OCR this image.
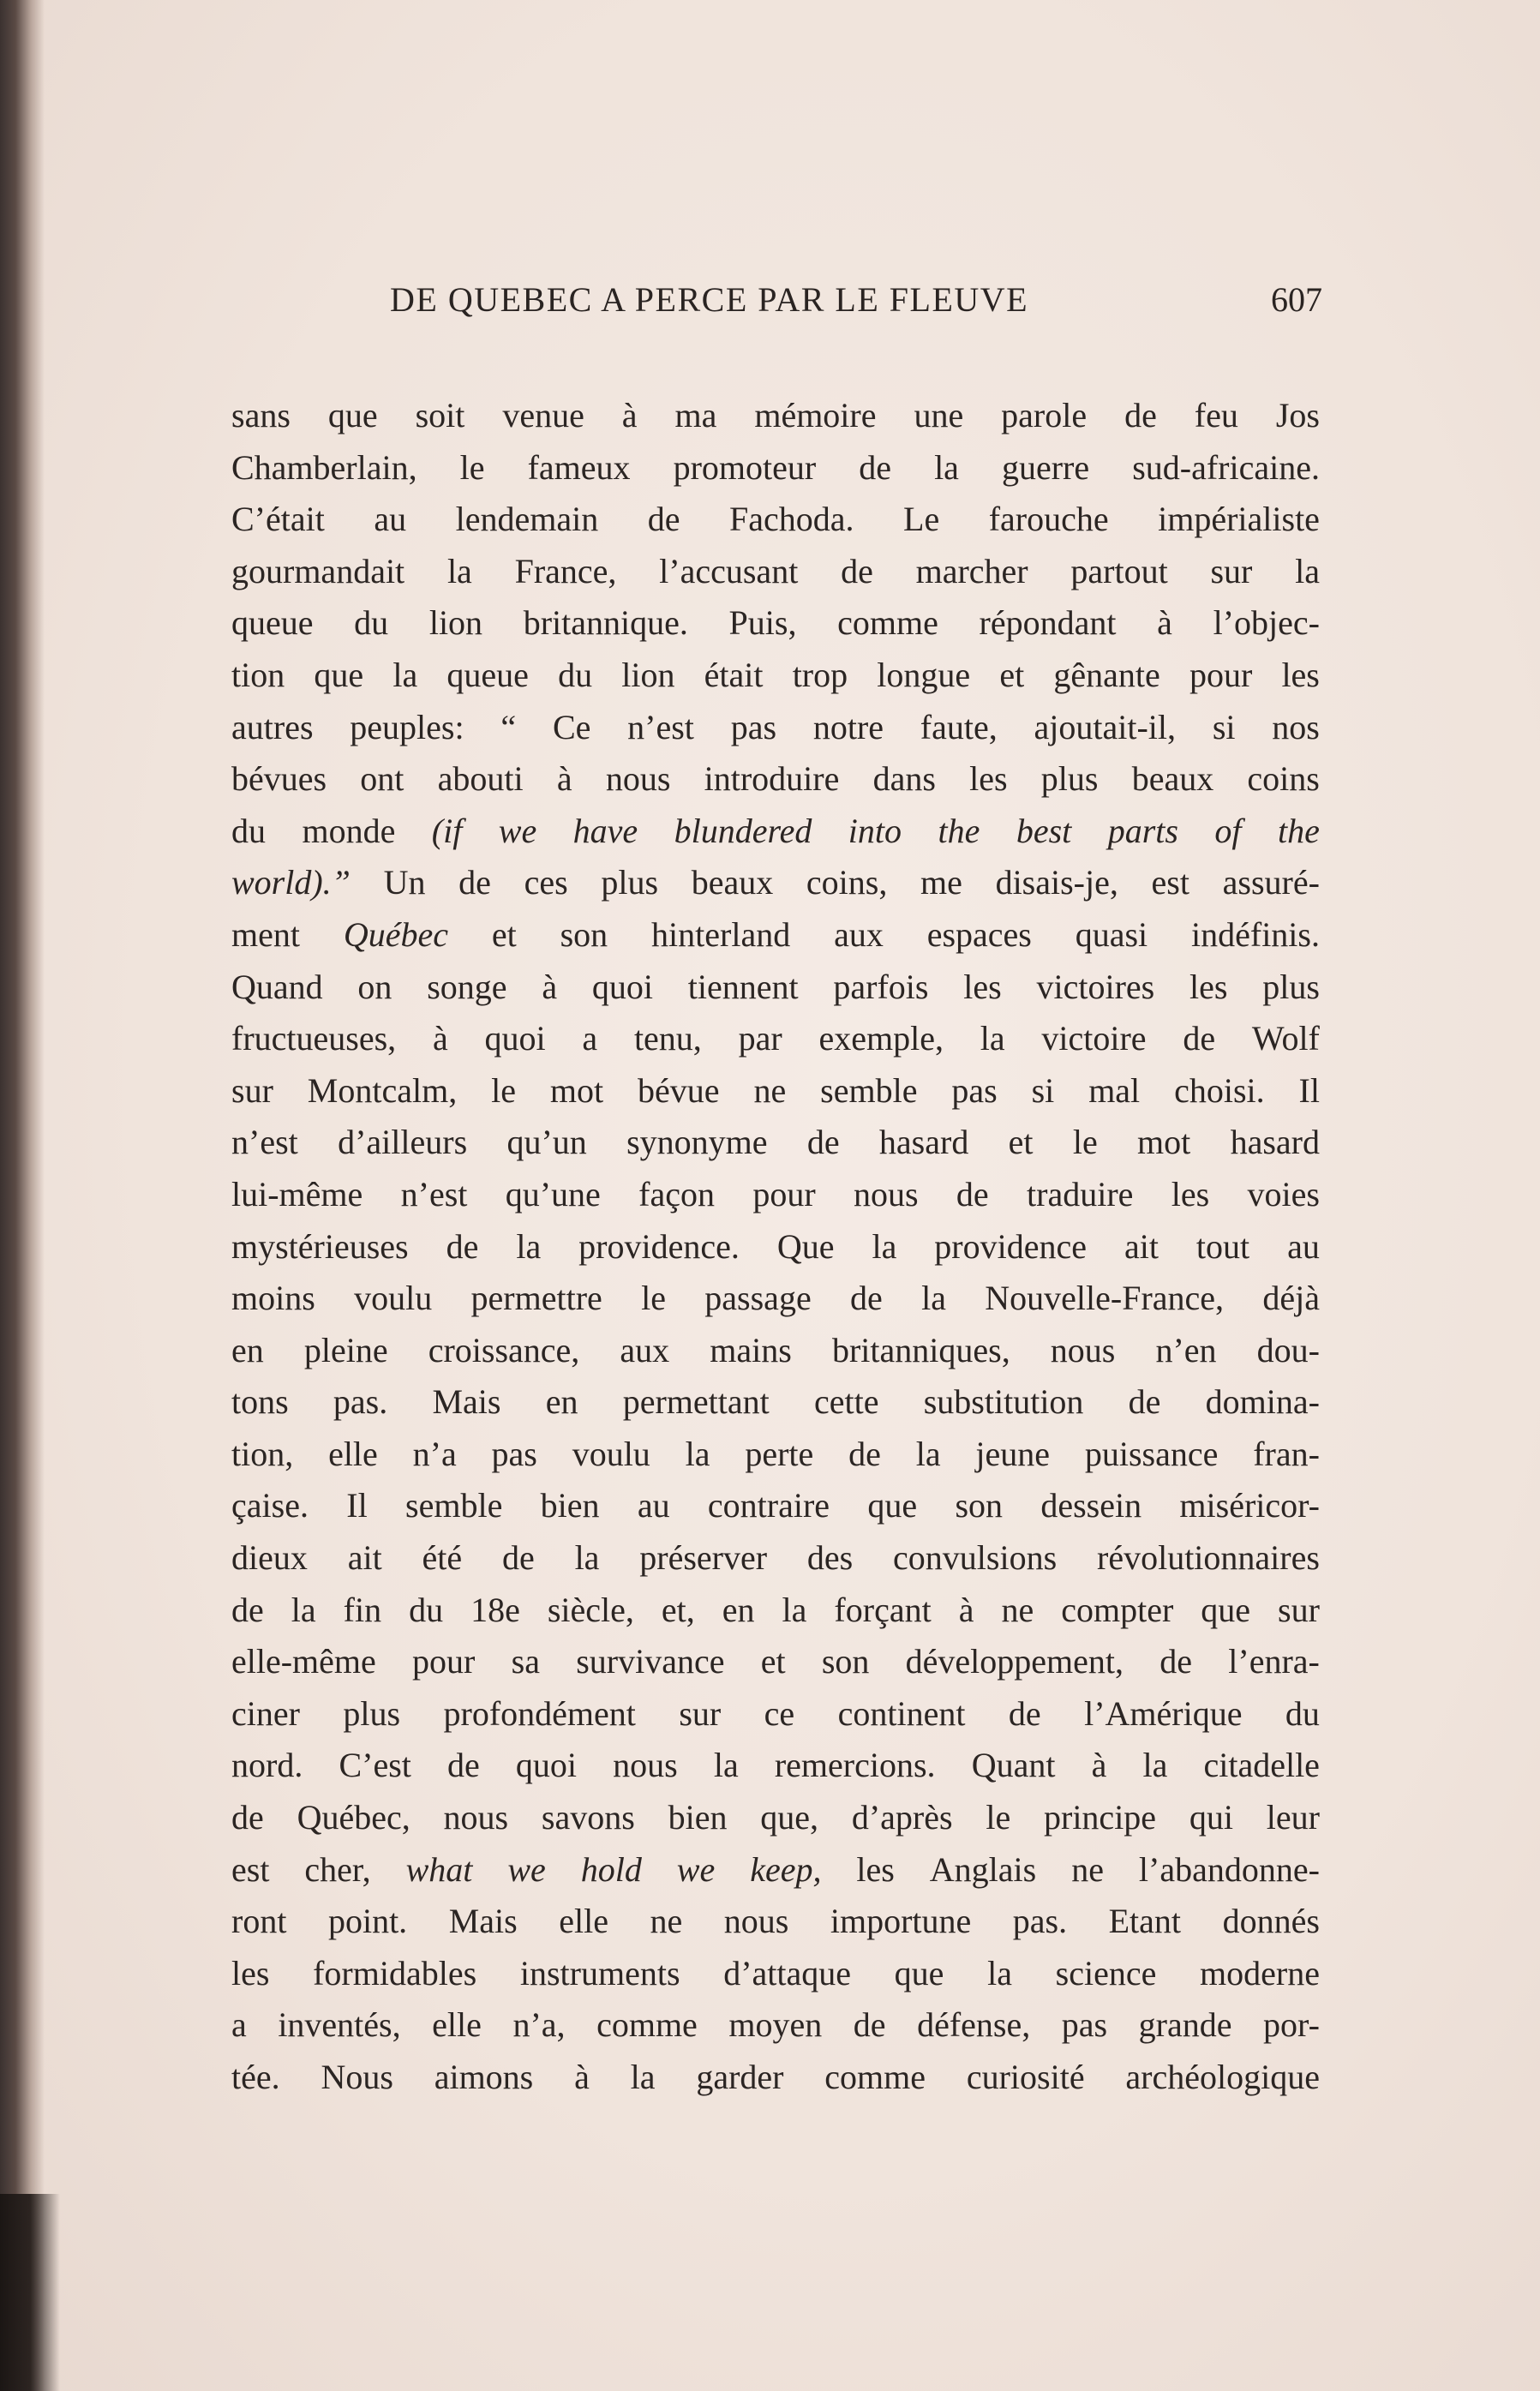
DE QUEBEC A PERCE PAR LE FLEUVE	607
sans que soit venue à ma mémoire une parole de feu Jos
Chamberlain, le fameux promoteur de la guerre sud-africaine.
C’était au lendemain de Fachoda. Le farouche impérialiste
gourmandait la France, l’accusant de marcher partout sur la
queue du lion britannique. Puis, comme répondant à l’objec-
tion que la queue du lion était trop longue et gênante pour les
autres peuples: “ Ce n’est pas notre faute, ajoutait-il, si nos
bévues ont abouti à nous introduire dans les plus beaux coins
du monde (if we have blundered into the best parts of the
world).” Un de ces plus beaux coins, me disais-je, est assuré-
ment Québec et son hinterland aux espaces quasi indéfinis.
Quand on songe à quoi tiennent parfois les victoires les plus
fructueuses, à quoi a tenu, par exemple, la victoire de Wolf
sur Montcalm, le mot bévue ne semble pas si mal choisi. Il
n’est d’ailleurs qu’un synonyme de hasard et le mot hasard
lui-même n’est qu’une façon pour nous de traduire les voies
mystérieuses de la providence. Que la providence ait tout au
moins voulu permettre le passage de la Nouvelle-France, déjà
en pleine croissance, aux mains britanniques, nous n’en dou-
tons pas. Mais en permettant cette substitution de domina-
tion, elle n’a pas voulu la perte de la jeune puissance fran-
çaise. Il semble bien au contraire que son dessein miséricor-
dieux ait été de la préserver des convulsions révolutionnaires
de la fin du 18e siècle, et, en la forçant à ne compter que sur
elle-même pour sa survivance et son développement, de l’enra-
ciner plus profondément sur ce continent de l’Amérique du
nord. C’est de quoi nous la remercions. Quant à la citadelle
de Québec, nous savons bien que, d’après le principe qui leur
est cher, what we hold we keep, les Anglais ne l’abandonne-
ront point. Mais elle ne nous importune pas. Etant donnés
les formidables instruments d’attaque que la science moderne
a inventés, elle n’a, comme moyen de défense, pas grande por-
tée. Nous aimons à la garder comme curiosité archéologique
